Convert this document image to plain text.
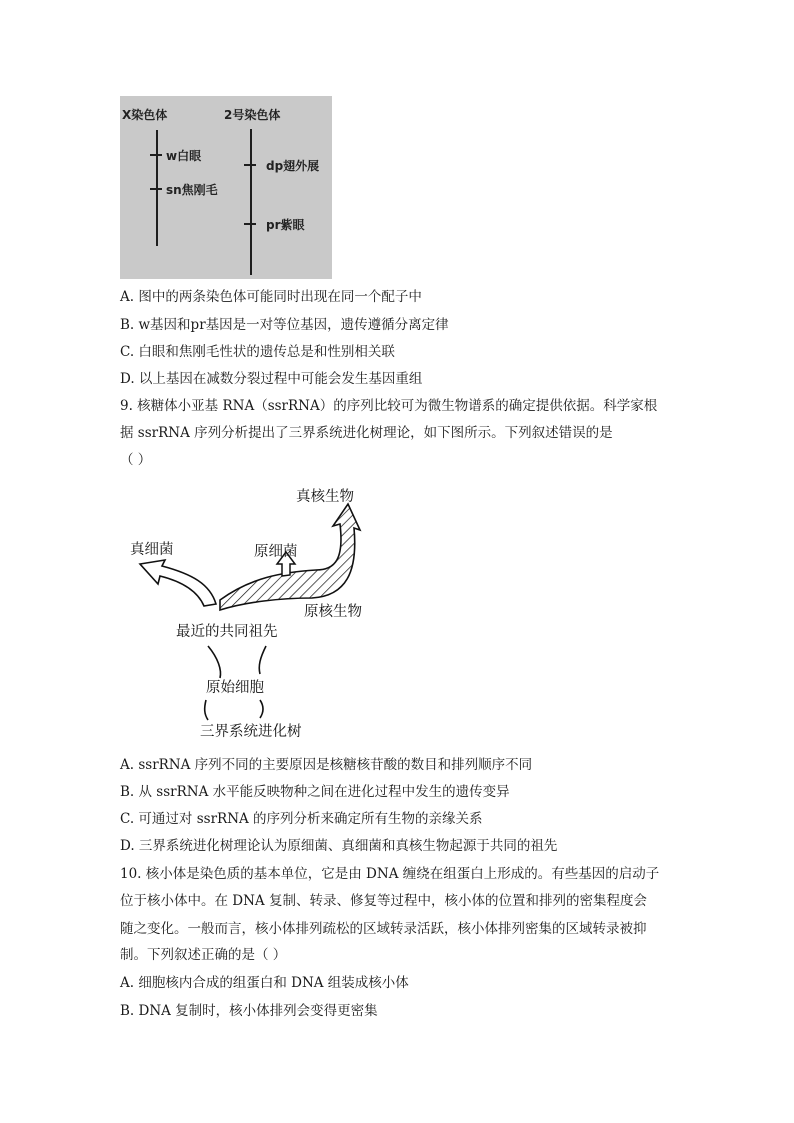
X染色体	2号染色体
w白眼
sn焦刚毛
dp翅外展
pr紫眼
A. 图中的两条染色体可能同时出现在同一个配子中
B. w基因和pr基因是一对等位基因，遗传遵循分离定律
C. 白眼和焦刚毛性状的遗传总是和性别相关联
D. 以上基因在减数分裂过程中可能会发生基因重组
9. 核糖体小亚基 RNA（ssrRNA）的序列比较可为微生物谱系的确定提供依据。科学家根
据 ssrRNA 序列分析提出了三界系统进化树理论，如下图所示。下列叙述错误的是
（ ）
真核生物
真细菌	原细菌
原核生物
最近的共同祖先
原始细胞
三界系统进化树
A. ssrRNA 序列不同的主要原因是核糖核苷酸的数目和排列顺序不同
B. 从 ssrRNA 水平能反映物种之间在进化过程中发生的遗传变异
C. 可通过对 ssrRNA 的序列分析来确定所有生物的亲缘关系
D. 三界系统进化树理论认为原细菌、真细菌和真核生物起源于共同的祖先
10. 核小体是染色质的基本单位，它是由 DNA 缠绕在组蛋白上形成的。有些基因的启动子
位于核小体中。在 DNA 复制、转录、修复等过程中，核小体的位置和排列的密集程度会
随之变化。一般而言，核小体排列疏松的区域转录活跃，核小体排列密集的区域转录被抑
制。下列叙述正确的是（ ）
A. 细胞核内合成的组蛋白和 DNA 组装成核小体
B. DNA 复制时，核小体排列会变得更密集
